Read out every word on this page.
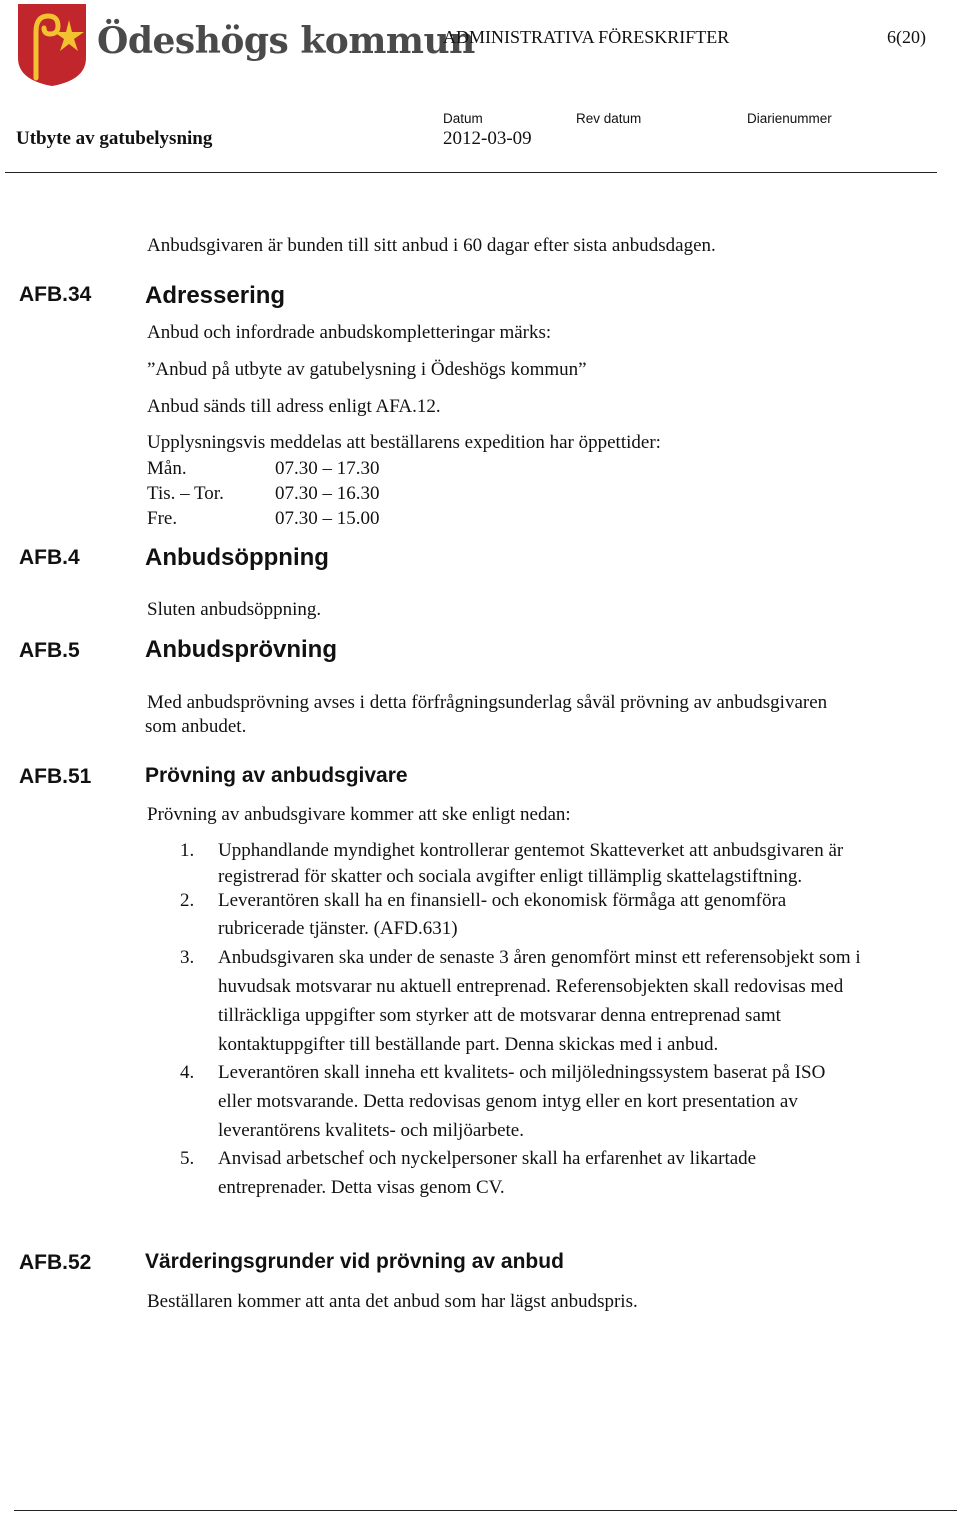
Ödeshögs kommun
ADMINISTRATIVA FÖRESKRIFTER	6(20)
Utbyte av gatubelysning
Datum
2012-03-09
Rev datum	Diarienummer
Anbudsgivaren är bunden till sitt anbud i 60 dagar efter sista anbudsdagen.
AFB.34 Adressering
Anbud och infordrade anbudskompletteringar märks:
”Anbud på utbyte av gatubelysning i Ödeshögs kommun”
Anbud sänds till adress enligt AFA.12.
Upplysningsvis meddelas att beställarens expedition har öppettider:
Mån.	07.30 – 17.30
Tis. – Tor.	07.30 – 16.30
Fre.	07.30 – 15.00
AFB.4	Anbudsöppning
Sluten anbudsöppning.
AFB.5	Anbudsprövning
Med anbudsprövning avses i detta förfrågningsunderlag såväl prövning av anbudsgivaren
som anbudet.
AFB.51	Prövning av anbudsgivare
Prövning av anbudsgivare kommer att ske enligt nedan:
1.	Upphandlande myndighet kontrollerar gentemot Skatteverket att anbudsgivaren är
registrerad för skatter och sociala avgifter enligt tillämplig skattelagstiftning.
2.	Leverantören skall ha en finansiell- och ekonomisk förmåga att genomföra
rubricerade tjänster. (AFD.631)
3.	Anbudsgivaren ska under de senaste 3 åren genomfört minst ett referensobjekt som i
huvudsak motsvarar nu aktuell entreprenad. Referensobjekten skall redovisas med
tillräckliga uppgifter som styrker att de motsvarar denna entreprenad samt
kontaktuppgifter till beställande part. Denna skickas med i anbud.
4.	Leverantören skall inneha ett kvalitets- och miljöledningssystem baserat på ISO
eller motsvarande. Detta redovisas genom intyg eller en kort presentation av
leverantörens kvalitets- och miljöarbete.
5.	Anvisad arbetschef och nyckelpersoner skall ha erfarenhet av likartade
entreprenader. Detta visas genom CV.
AFB.52	Värderingsgrunder vid prövning av anbud
Beställaren kommer att anta det anbud som har lägst anbudspris.
